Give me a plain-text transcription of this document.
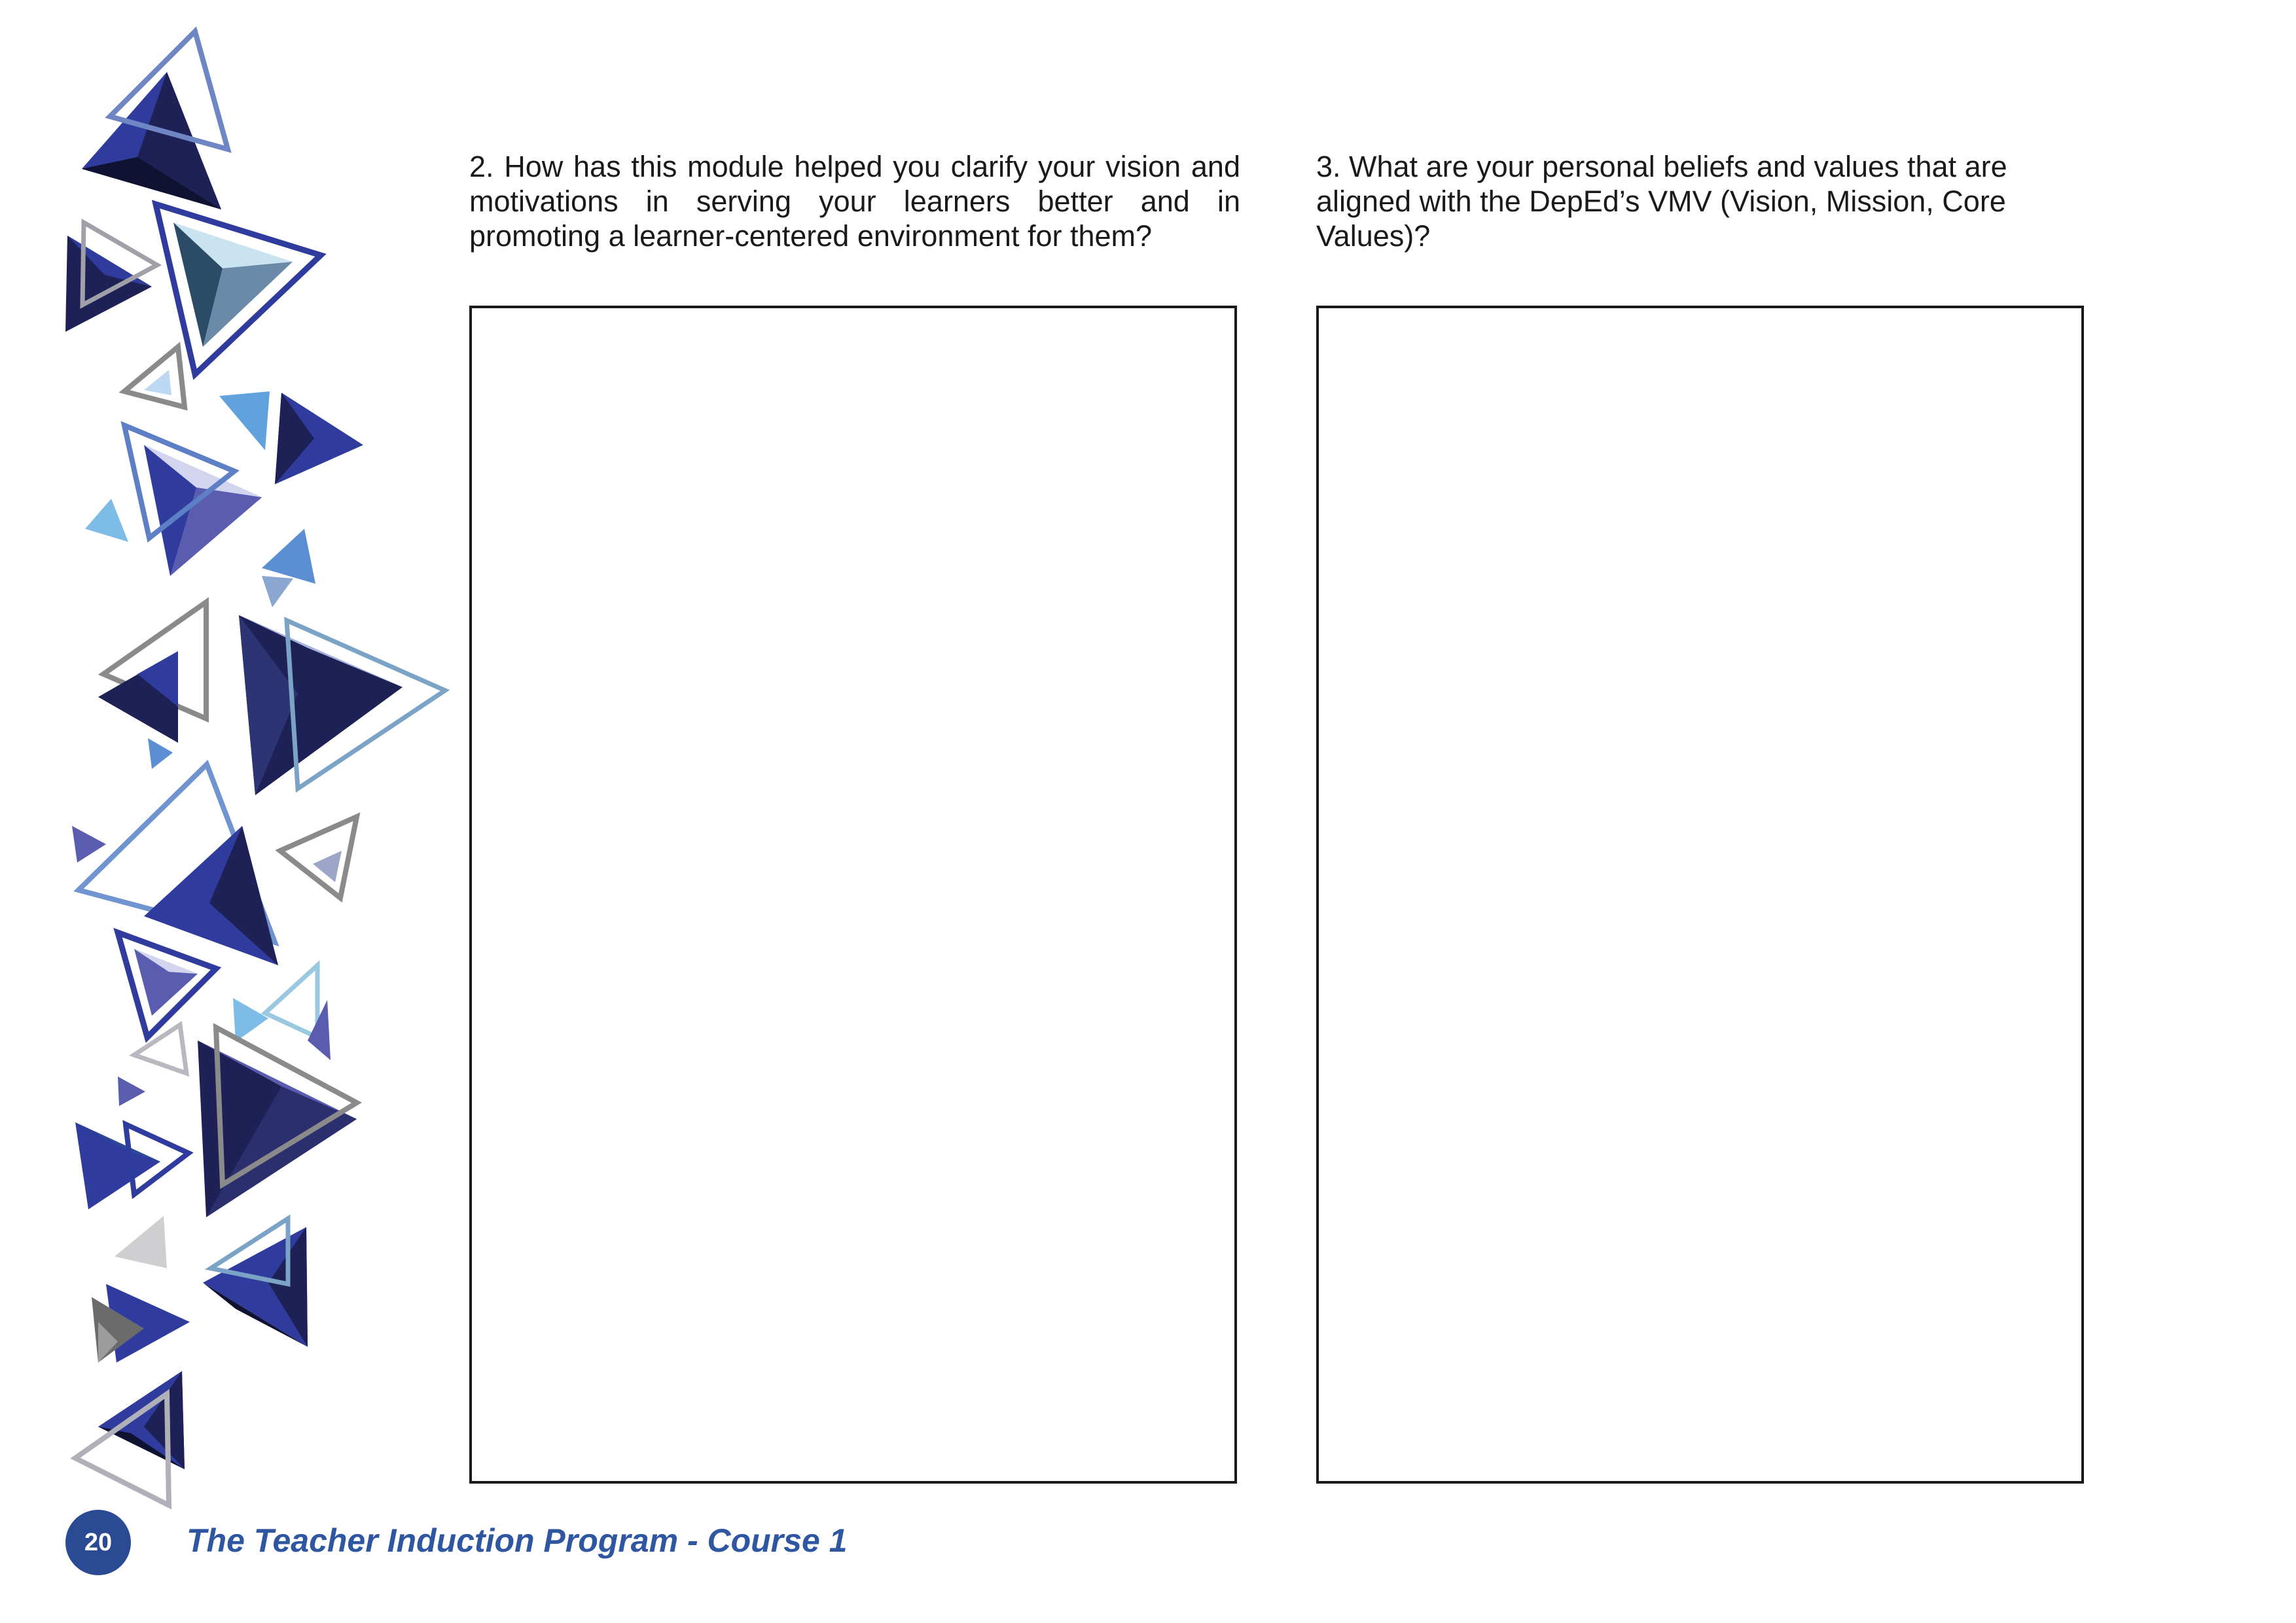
2. How has this module helped you clarify your vision and motivations in serving your learners better and in promoting a learner-centered environment for them?

3. What are your personal beliefs and values that are aligned with the DepEd’s VMV (Vision, Mission, Core Values)?

20 The Teacher Induction Program - Course 1
